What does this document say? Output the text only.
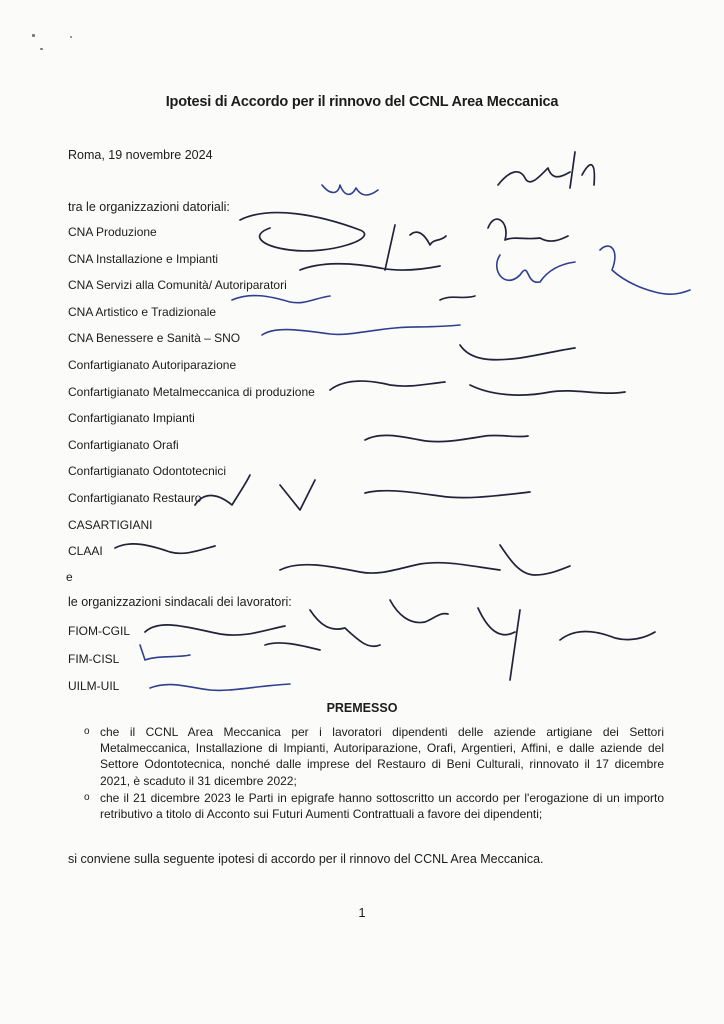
Ipotesi di Accordo per il rinnovo del CCNL Area Meccanica
Roma, 19 novembre 2024
tra le organizzazioni datoriali:
CNA Produzione
CNA Installazione e Impianti
CNA Servizi alla Comunità/ Autoriparatori
CNA Artistico e Tradizionale
CNA Benessere e Sanità – SNO
Confartigianato Autoriparazione
Confartigianato Metalmeccanica di produzione
Confartigianato Impianti
Confartigianato Orafi
Confartigianato Odontotecnici
Confartigianato Restauro
CASARTIGIANI
CLAAI
e
le organizzazioni sindacali dei lavoratori:
FIOM-CGIL
FIM-CISL
UILM-UIL
PREMESSO
o che il CCNL Area Meccanica per i lavoratori dipendenti delle aziende artigiane dei Settori Metalmeccanica, Installazione di Impianti, Autoriparazione, Orafi, Argentieri, Affini, e dalle aziende del Settore Odontotecnica, nonché dalle imprese del Restauro di Beni Culturali, rinnovato il 17 dicembre 2021, è scaduto il 31 dicembre 2022;
o che il 21 dicembre 2023 le Parti in epigrafe hanno sottoscritto un accordo per l'erogazione di un importo retributivo a titolo di Acconto sui Futuri Aumenti Contrattuali a favore dei dipendenti;
si conviene sulla seguente ipotesi di accordo per il rinnovo del CCNL Area Meccanica.
1
